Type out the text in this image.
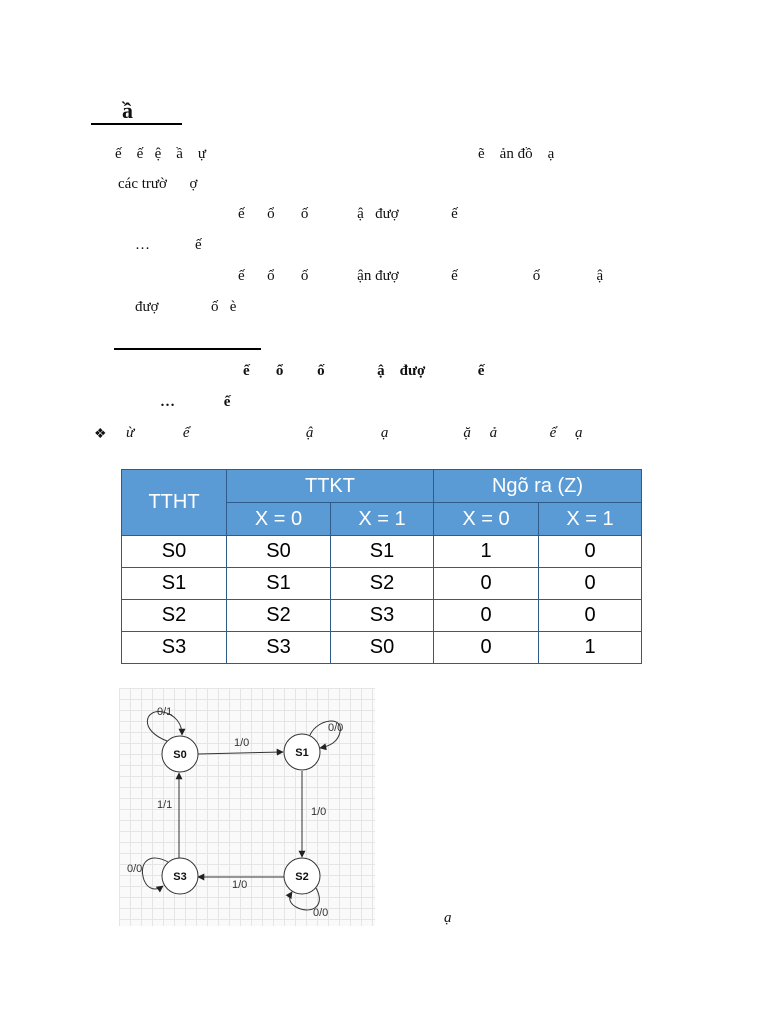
ầ
ế    ế   ệ    ầ    ự	ẽ    ản đồ    ạ
các trườ      ợ
ế      ổ       ố             ậ   đượ              ế
…            ế
ế      ổ       ố             ận đượ              ế                    ố               ậ
đượ              ố   è
ế       ổ         ố              ậ    đượ              ế
…             ế
❖ ừ             ể                               ậ                  ạ                    ặ     ả              ể     ạ
TTHT	TTKT		Ngõ ra (Z)	
	X = 0	X = 1	X = 0	X = 1
S0	S0	S1	1	0
S1	S1	S2	0	0
S2	S2	S3	0	0
S3	S3	S0	0	1
S0	S1
S2
S3
0/1
1/0
0/0
1/0
0/0
1/0
0/0
1/1
ạ
